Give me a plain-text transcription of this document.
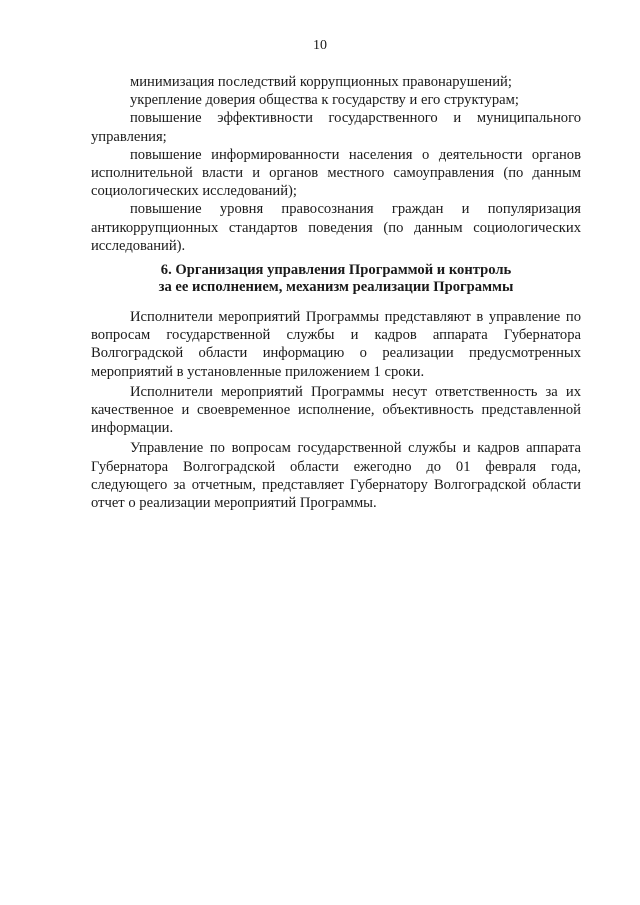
10

минимизация последствий коррупционных правонарушений;

укрепление доверия общества к государству и его структурам;

повышение эффективности государственного и муниципального управления;

повышение информированности населения о деятельности органов исполнительной власти и органов местного самоуправления (по данным социологических исследований);

повышение уровня правосознания граждан и популяризация антикоррупционных стандартов поведения (по данным социологических исследований).

6. Организация управления Программой и контроль
за ее исполнением, механизм реализации Программы

Исполнители мероприятий Программы представляют в управление по вопросам государственной службы и кадров аппарата Губернатора Волгоградской области информацию о реализации предусмотренных мероприятий в установленные приложением 1 сроки.

Исполнители мероприятий Программы несут ответственность за их качественное и своевременное исполнение, объективность представленной информации.

Управление по вопросам государственной службы и кадров аппарата Губернатора Волгоградской области ежегодно до 01 февраля года, следующего за отчетным, представляет Губернатору Волгоградской области отчет о реализации мероприятий Программы.
